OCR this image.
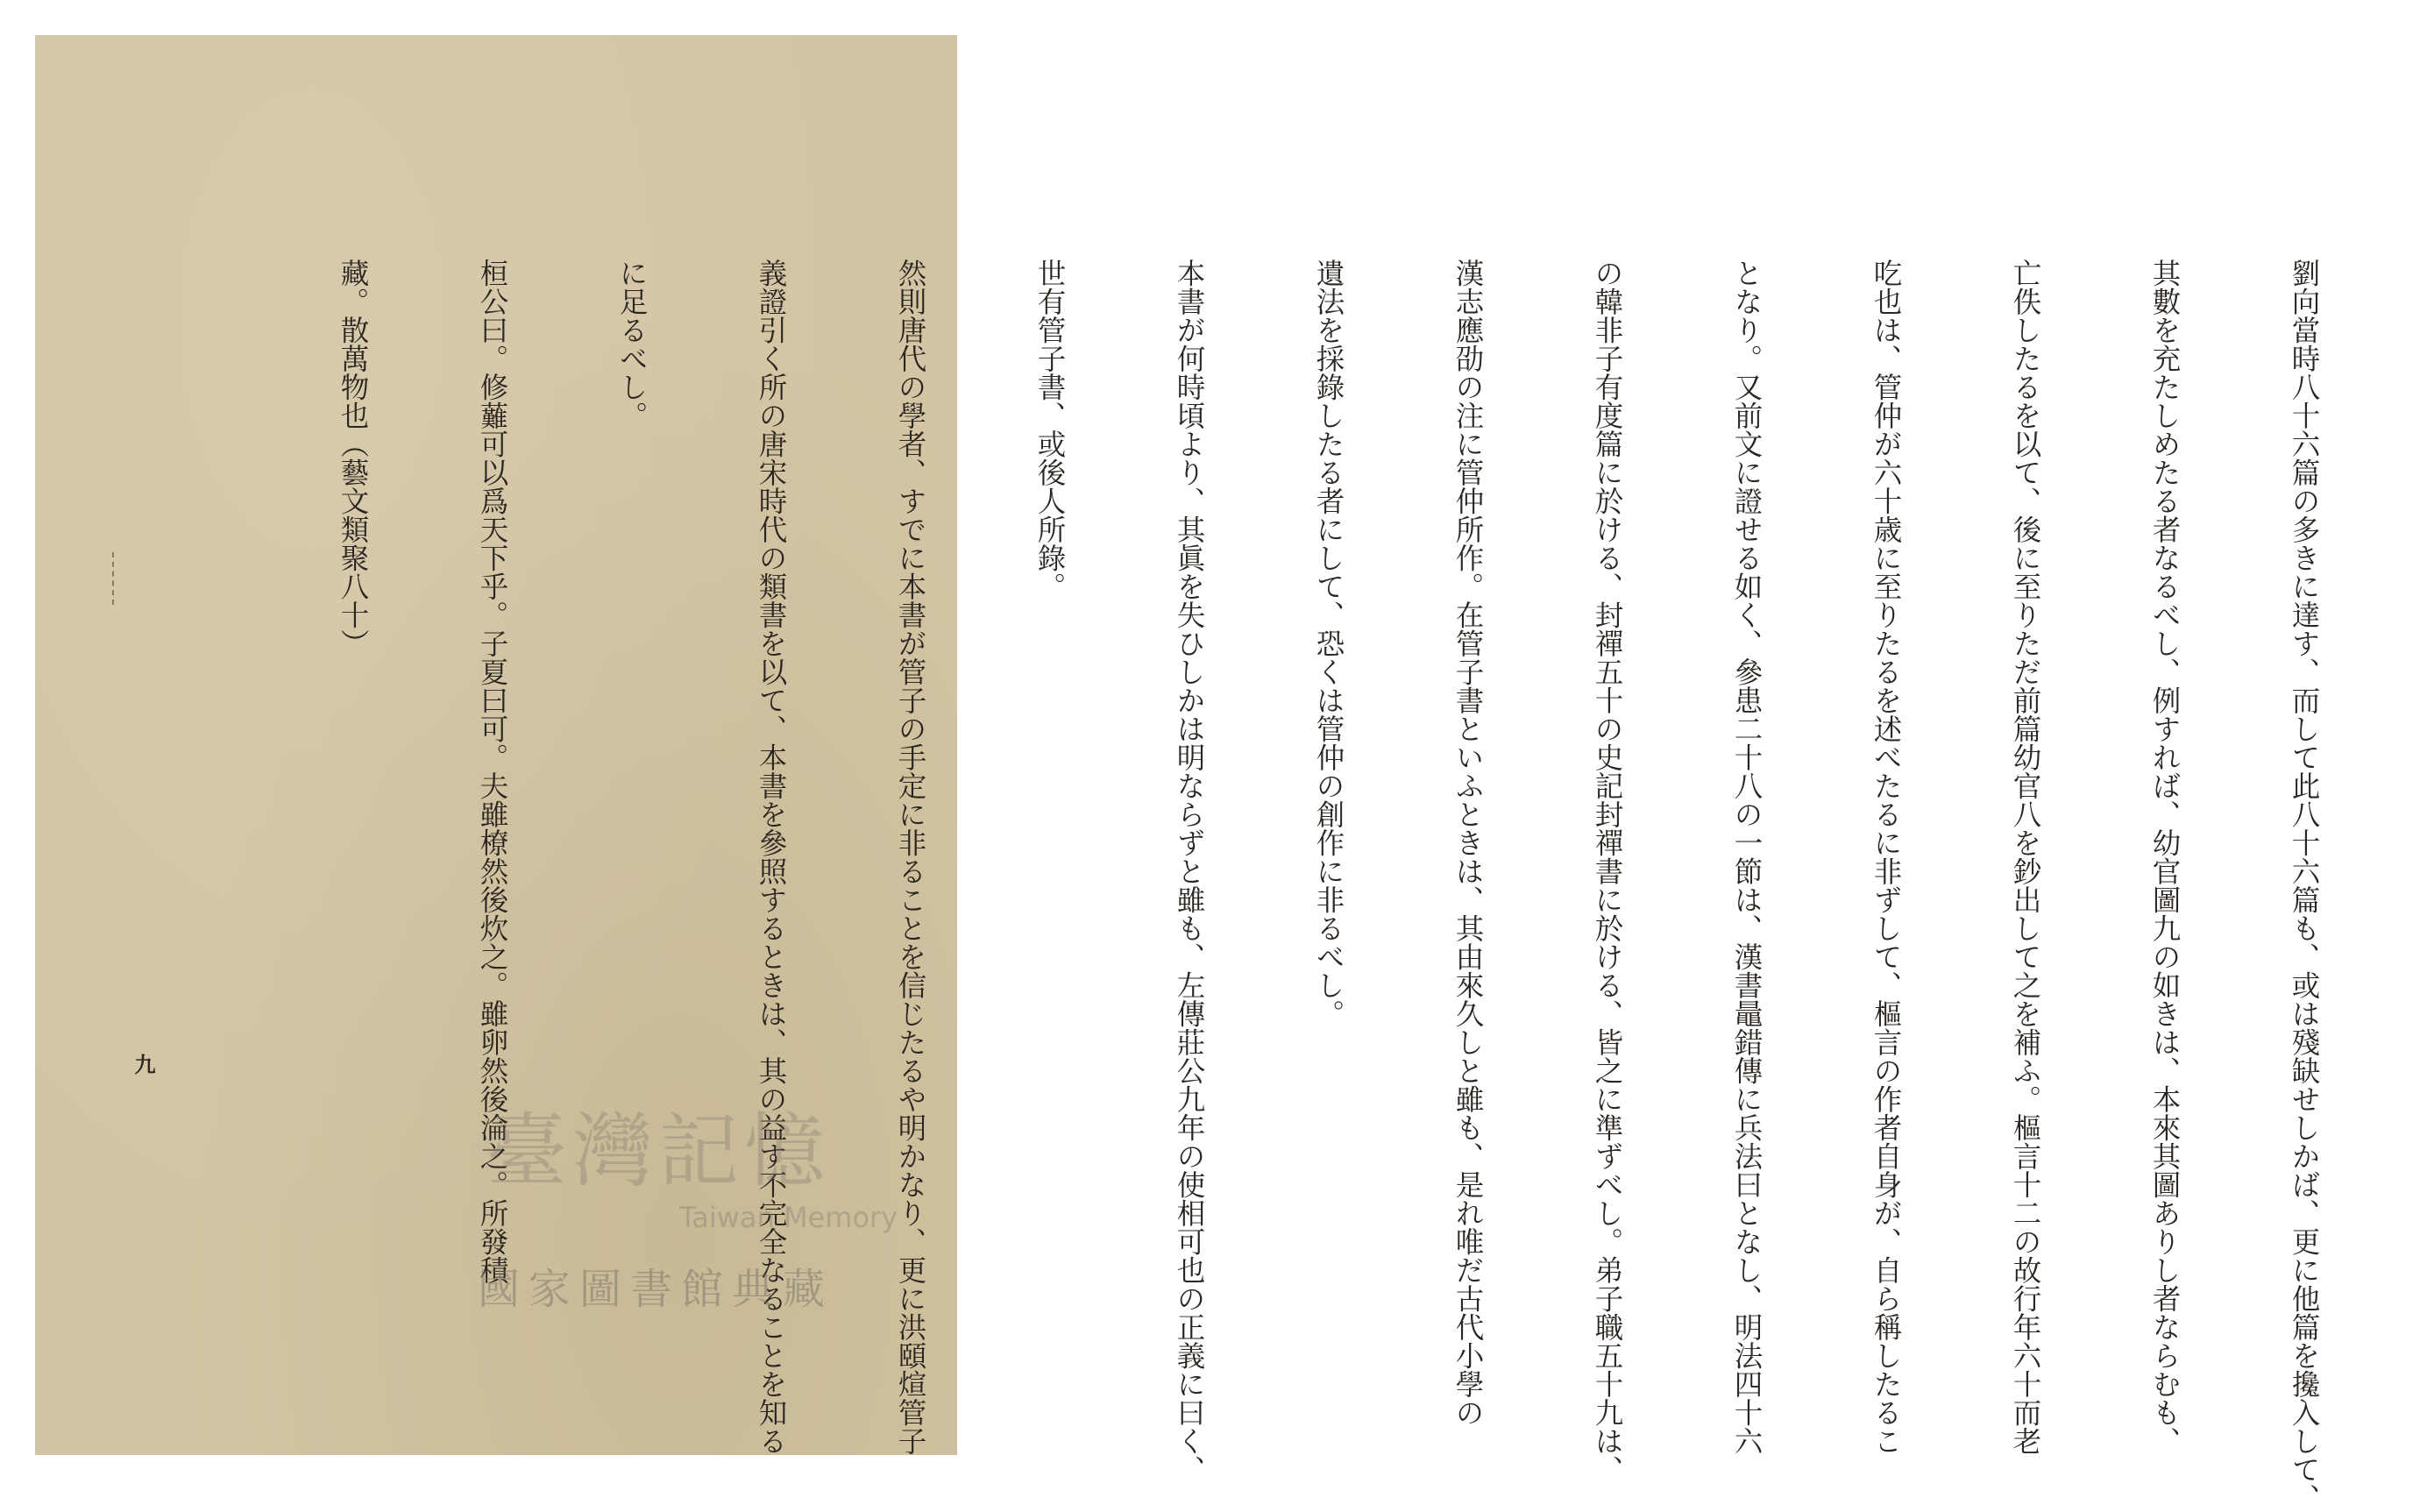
劉向當時八十六篇の多きに達す、而して此八十六篇も、或は殘缺せしかば、更に他篇を攙入して、

其數を充たしめたる者なるべし、例すれば、幼官圖九の如きは、本來其圖ありし者ならむも、

亡佚したるを以て、後に至りただ前篇幼官八を鈔出して之を補ふ。樞言十二の故行年六十而老

吃也は、管仲が六十歳に至りたるを述べたるに非ずして、樞言の作者自身が、自ら稱したるこ

となり。又前文に證せる如く、參患二十八の一節は、漢書鼂錯傳に兵法曰となし、明法四十六

の韓非子有度篇に於ける、封禪五十の史記封禪書に於ける、皆之に準ずべし。弟子職五十九は、

漢志應劭の注に管仲所作。在管子書といふときは、其由來久しと雖も、是れ唯だ古代小學の

遺法を採錄したる者にして、恐くは管仲の創作に非るべし。

本書が何時頃より、其眞を失ひしかは明ならずと雖も、左傳莊公九年の使相可也の正義に曰く、

世有管子書、或後人所錄。

然則唐代の學者、すでに本書が管子の手定に非ることを信じたるや明かなり、更に洪頤煊管子

義證引く所の唐宋時代の類書を以て、本書を參照するときは、其の益す不完全なることを知る

に足るべし。

桓公曰。修䕼可以爲天下乎。子夏曰可。夫雖橑然後炊之。雖卵然後淪之。所發積

藏。散萬物也（藝文類聚八十）

九
臺灣記憶
Taiwan Memory
國家圖書館典藏
